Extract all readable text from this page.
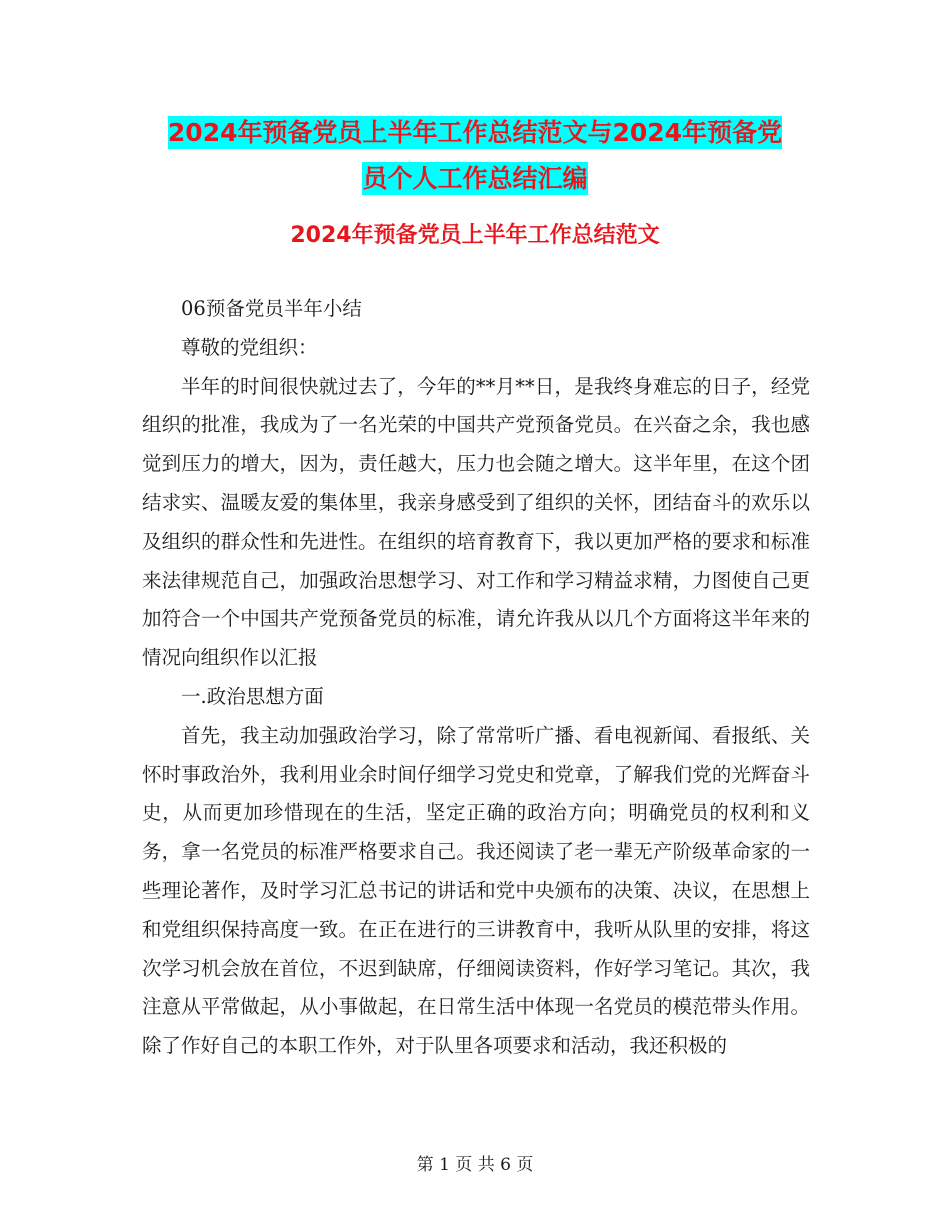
2024年预备党员上半年工作总结范文与2024年预备党
员个人工作总结汇编
2024年预备党员上半年工作总结范文

06预备党员半年小结

尊敬的党组织：

半年的时间很快就过去了，今年的**月**日，是我终身难忘的日子，经党组织的批准，我成为了一名光荣的中国共产党预备党员。在兴奋之余，我也感觉到压力的增大，因为，责任越大，压力也会随之增大。这半年里，在这个团结求实、温暖友爱的集体里，我亲身感受到了组织的关怀，团结奋斗的欢乐以及组织的群众性和先进性。在组织的培育教育下，我以更加严格的要求和标准来法律规范自己，加强政治思想学习、对工作和学习精益求精，力图使自己更加符合一个中国共产党预备党员的标准，请允许我从以几个方面将这半年来的情况向组织作以汇报

一.政治思想方面

首先，我主动加强政治学习，除了常常听广播、看电视新闻、看报纸、关怀时事政治外，我利用业余时间仔细学习党史和党章，了解我们党的光辉奋斗史，从而更加珍惜现在的生活，坚定正确的政治方向；明确党员的权利和义务，拿一名党员的标准严格要求自己。我还阅读了老一辈无产阶级革命家的一些理论著作，及时学习汇总书记的讲话和党中央颁布的决策、决议，在思想上和党组织保持高度一致。在正在进行的三讲教育中，我听从队里的安排，将这次学习机会放在首位，不迟到缺席，仔细阅读资料，作好学习笔记。其次，我注意从平常做起，从小事做起，在日常生活中体现一名党员的模范带头作用。除了作好自己的本职工作外，对于队里各项要求和活动，我还积极的

第 1 页 共 6 页
